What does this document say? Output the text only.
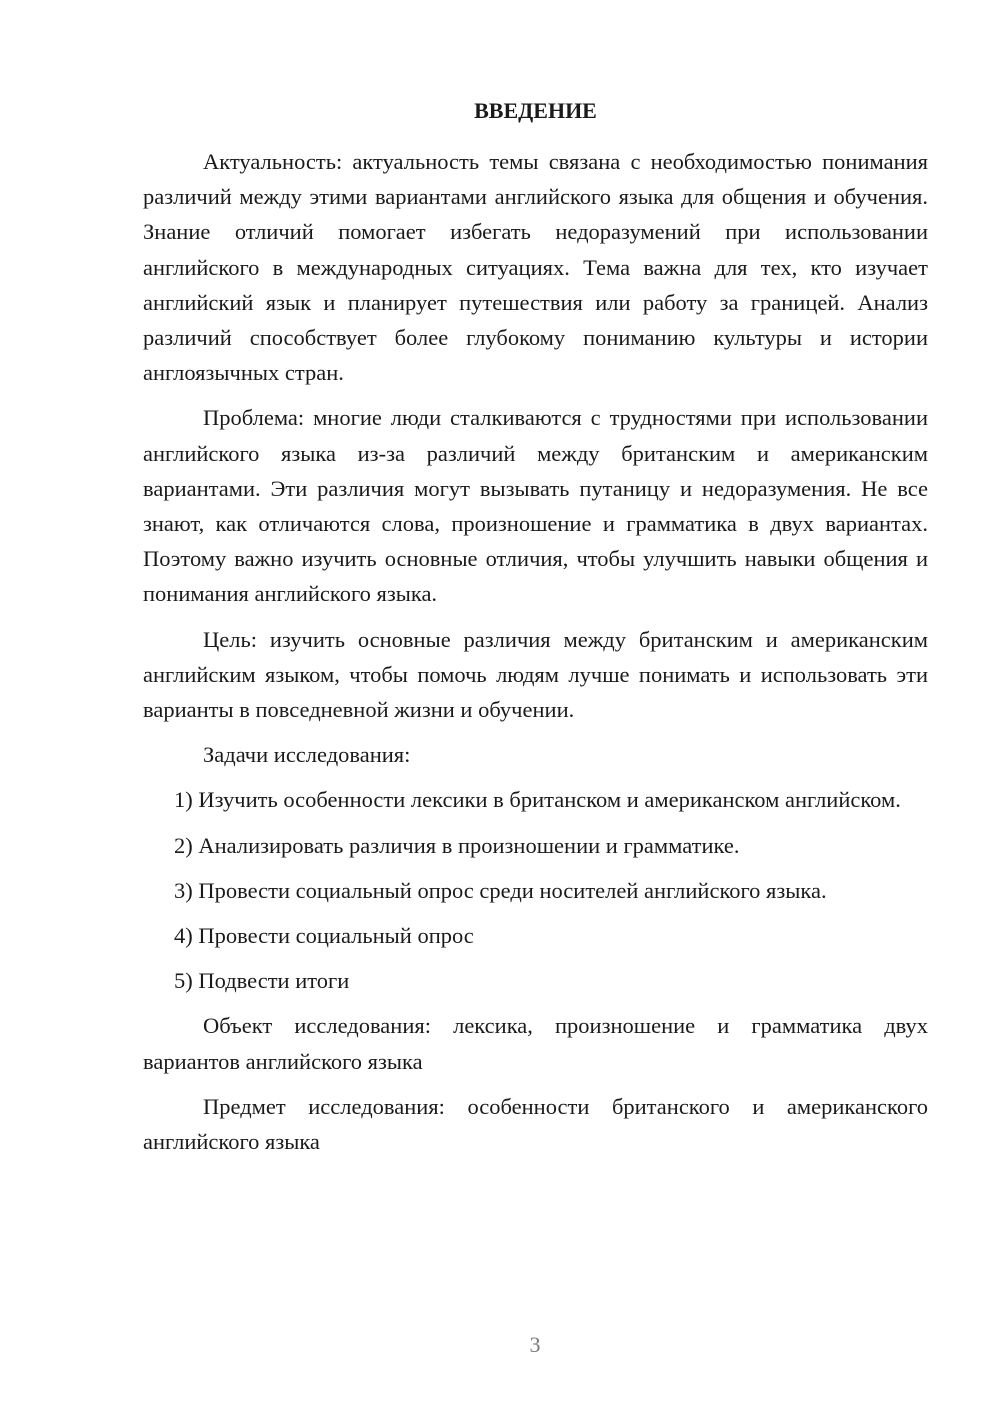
ВВЕДЕНИЕ

Актуальность: актуальность темы связана с необходимостью понимания различий между этими вариантами английского языка для общения и обучения. Знание отличий помогает избегать недоразумений при использовании английского в международных ситуациях. Тема важна для тех, кто изучает английский язык и планирует путешествия или работу за границей. Анализ различий способствует более глубокому пониманию культуры и истории англоязычных стран.

Проблема: многие люди сталкиваются с трудностями при использовании английского языка из-за различий между британским и американским вариантами. Эти различия могут вызывать путаницу и недоразумения. Не все знают, как отличаются слова, произношение и грамматика в двух вариантах. Поэтому важно изучить основные отличия, чтобы улучшить навыки общения и понимания английского языка.

Цель: изучить основные различия между британским и американским английским языком, чтобы помочь людям лучше понимать и использовать эти варианты в повседневной жизни и обучении.

Задачи исследования:

1) Изучить особенности лексики в британском и американском английском.

2) Анализировать различия в произношении и грамматике.

3) Провести социальный опрос среди носителей английского языка.

4) Провести социальный опрос

5) Подвести итоги

Объект исследования: лексика, произношение и грамматика двух вариантов английского языка

Предмет исследования: особенности британского и американского английского языка

3
